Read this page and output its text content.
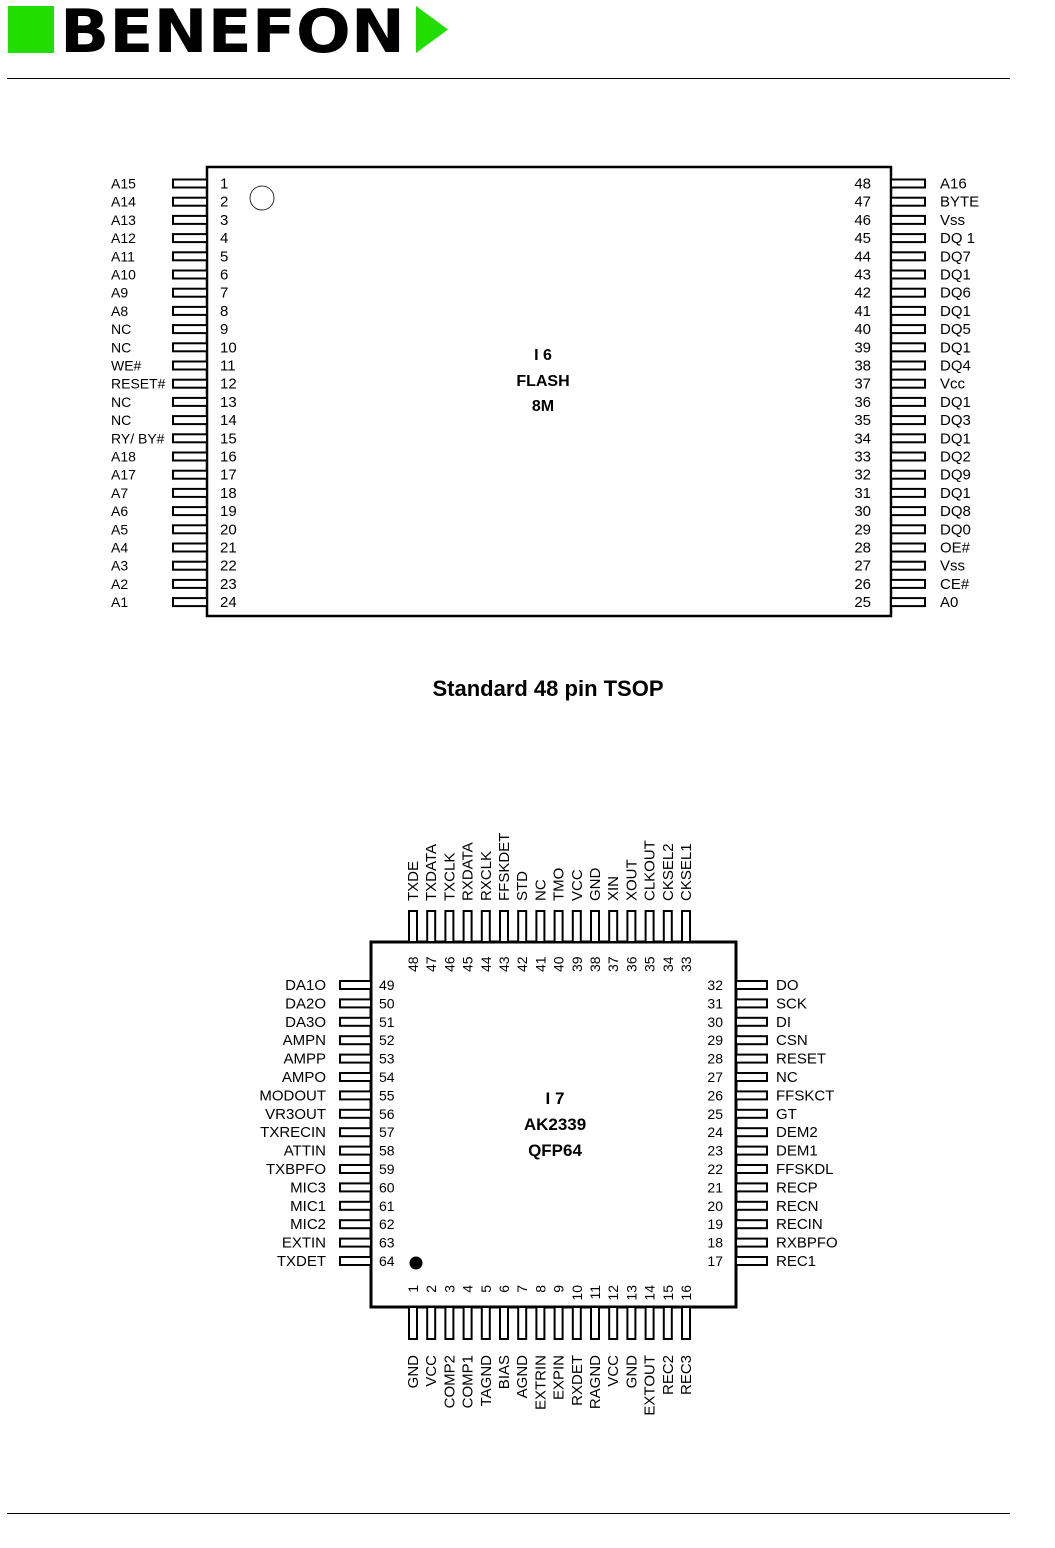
BENEFON
I 6
FLASH
8M
A15	1
A14	2
A13	3
A12	4
A11	5
A10	6
A9	7
A8	8
NC	9
NC	10
WE#	11
RESET#	12
NC	13
NC	14
RY/ BY#	15
A18	16
A17	17
A7	18
A6	19
A5	20
A4	21
A3	22
A2	23
A1	24
48	A16
47	BYTE
46	Vss
45	DQ 1
44	DQ7
43	DQ1
42	DQ6
41	DQ1
40	DQ5
39	DQ1
38	DQ4
37	Vcc
36	DQ1
35	DQ3
34	DQ1
33	DQ2
32	DQ9
31	DQ1
30	DQ8
29	DQ0
28	OE#
27	Vss
26	CE#
25	A0
I 7
AK2339
QFP64
DA1O	49
DA2O	50
DA3O	51
AMPN	52
AMPP	53
AMPO	54
MODOUT	55
VR3OUT	56
TXRECIN	57
ATTIN	58
TXBPFO	59
MIC3	60
MIC1	61
MIC2	62
EXTIN	63
TXDET	64
32	DO
31	SCK
30	DI
29	CSN
28	RESET
27	NC
26	FFSKCT
25	GT
24	DEM2
23	DEM1
22	FFSKDL
21	RECP
20	RECN
19	RECIN
18	RXBPFO
17	REC1
TXDE
48
TXDATA
47
TXCLK
46
RXDATA
45
RXCLK
44
FFSKDET
43
STD
42
NC
41
TMO
40
VCC
39
GND
38
XIN
37
XOUT
36
CLKOUT
35
CKSEL2
34
CKSEL1
33
1
GND
2
VCC
3
COMP2
4
COMP1
5
TAGND
6
BIAS
7
AGND
8
EXTRIN
9
EXPIN
10
RXDET
11
RAGND
12
VCC
13
GND
14
EXTOUT
15
REC2
16
REC3
Standard 48 pin TSOP
